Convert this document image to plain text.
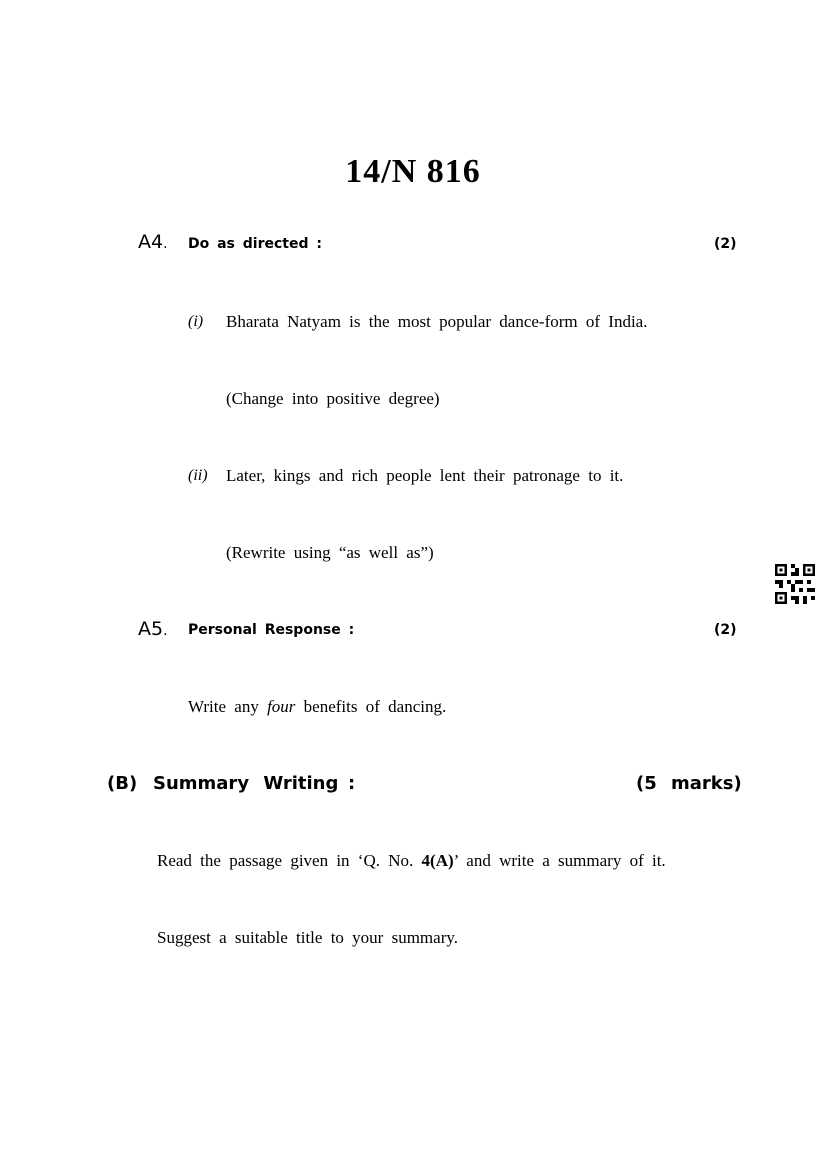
14/N 816
A4. Do as directed :	(2)
(i) Bharata Natyam is the most popular dance-form of India.
(Change into positive degree)
(ii) Later, kings and rich people lent their patronage to it.
(Rewrite using “as well as”)
A5. Personal Response :	(2)
Write any four benefits of dancing.
(B) Summary Writing :	(5 marks)
Read the passage given in ‘Q. No. 4(A)’ and write a summary of it.
Suggest a suitable title to your summary.
